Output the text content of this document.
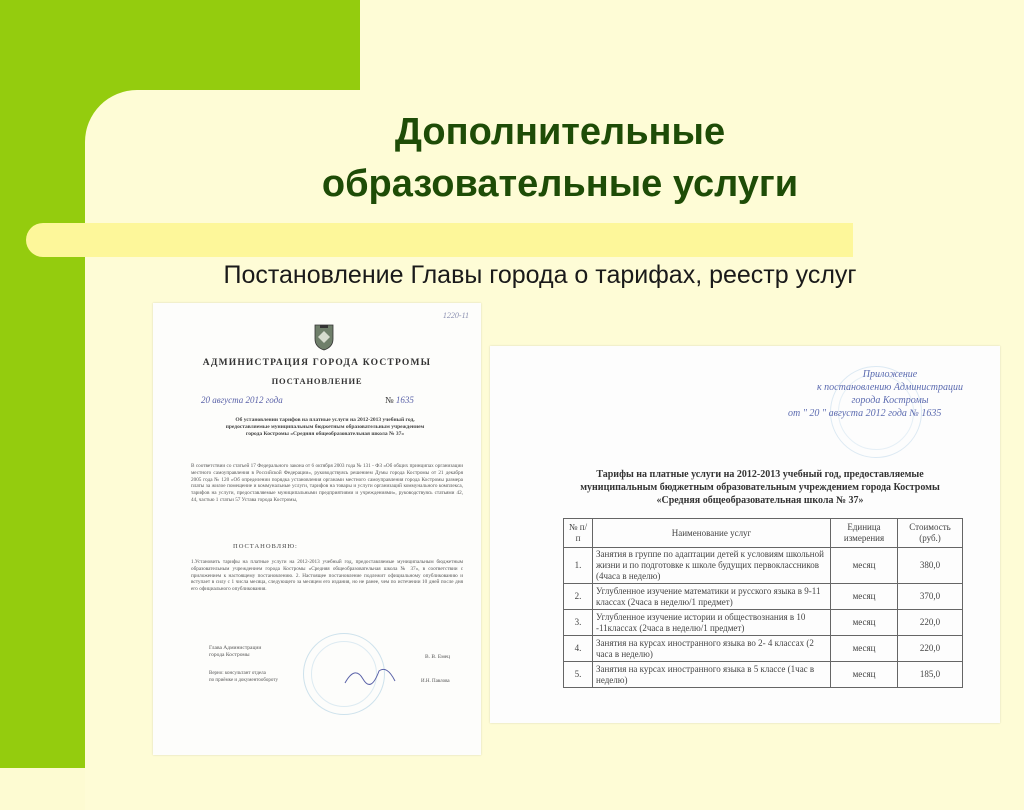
Дополнительные
образовательные услуги

Постановление Главы города о тарифах, реестр услуг

1220-11
АДМИНИСТРАЦИЯ ГОРОДА КОСТРОМЫ
ПОСТАНОВЛЕНИЕ
20 августа 2012 года	№ 1635
Об установлении тарифов на платные услуги на 2012-2013 учебный год, предоставляемые муниципальным бюджетным образовательным учреждением города Костромы «Средняя общеобразовательная школа № 37»
В соответствии со статьей 17 Федерального закона от 6 октября 2003 года № 131 - ФЗ «Об общих принципах организации местного самоуправления в Российской Федерации», руководствуясь решением Думы города Костромы от 21 декабря 2005 года № 120 «Об определении порядка установления органами местного самоуправления города Костромы размера платы за жилое помещение и коммунальные услуги, тарифов на товары и услуги организаций коммунального комплекса, тарифов на услуги, предоставляемые муниципальными предприятиями и учреждениями», руководствуясь статьями 42, 44, частью 1 статьи 57 Устава города Костромы,
ПОСТАНОВЛЯЮ:
1.Установить тарифы на платные услуги на 2012-2013 учебный год, предоставляемые муниципальным бюджетным образовательным учреждением города Костромы «Средняя общеобразовательная школа № 37», в соответствии с приложением к настоящему постановлению. 2. Настоящее постановление подлежит официальному опубликованию и вступает в силу с 1 числа месяца, следующего за месяцем его издания, но не ранее, чем по истечении 10 дней после дня его официального опубликования.
Глава Администрации
города Костромы	В. В. Емец
Верно: консультант отдела
по приёмке и документообороту	И.Н. Павлова
Приложение
к постановлению Администрации
города Костромы
от " 20 " августа 2012 года № 1635
Тарифы на платные услуги на 2012-2013 учебный год, предоставляемые муниципальным бюджетным образовательным учреждением города Костромы «Средняя общеобразовательная школа № 37»
№ п/п	Наименование услуг	Единица измерения	Стоимость (руб.)
1.	Занятия в группе по адаптации детей к условиям школьной жизни и по подготовке к школе будущих первоклассников (4часа в неделю)	месяц	380,0
2.	Углубленное изучение математики и русского языка в 9-11 классах (2часа в неделю/1 предмет)	месяц	370,0
3.	Углубленное изучение истории и обществознания в 10 -11классах (2часа в неделю/1 предмет)	месяц	220,0
4.	Занятия на курсах иностранного языка во 2- 4 классах (2 часа в неделю)	месяц	220,0
5.	Занятия на курсах иностранного языка в 5 классе (1час в неделю)	месяц	185,0
